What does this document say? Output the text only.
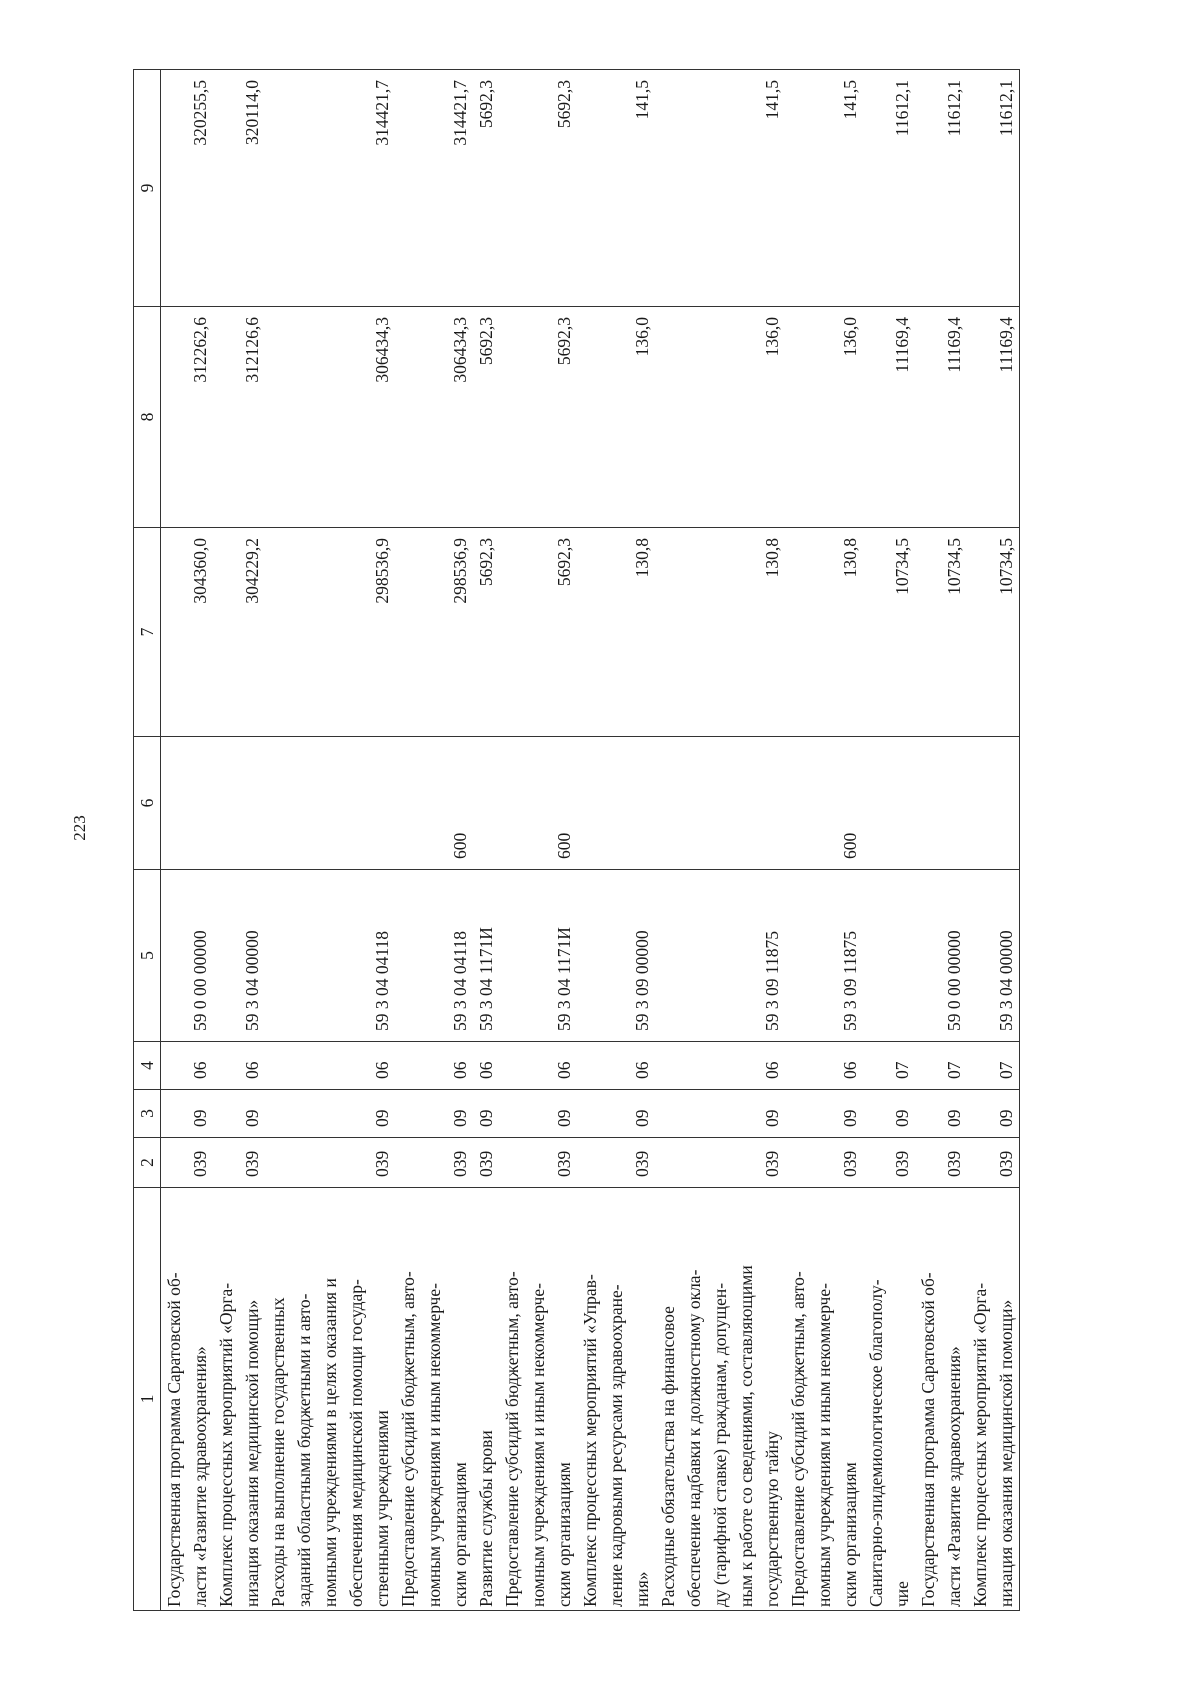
223
1	2	3	4	5	6	7	8	9

Государственная программа Саратовской об- ласти «Развитие здравоохранения»	039	09	06	59 0 00 00000		304360,0	312262,6	320255,5

Комплекс процессных мероприятий «Орга- низация оказания медицинской помощи»	039	09	06	59 3 04 00000		304229,2	312126,6	320114,0

Расходы на выполнение государственных заданий областными бюджетными и авто- номными учреждениями в целях оказания и обеспечения медицинской помощи государ- ственными учреждениями	039	09	06	59 3 04 04118		298536,9	306434,3	314421,7

Предоставление субсидий бюджетным, авто- номным учреждениям и иным некоммерче- ским организациям	039	09	06	59 3 04 04118	600	298536,9	306434,3	314421,7

Развитие службы крови	039	09	06	59 3 04 1171И		5692,3	5692,3	5692,3

Предоставление субсидий бюджетным, авто- номным учреждениям и иным некоммерче- ским организациям	039	09	06	59 3 04 1171И	600	5692,3	5692,3	5692,3

Комплекс процессных мероприятий «Управ- ление кадровыми ресурсами здравоохране- ния»	039	09	06	59 3 09 00000		130,8	136,0	141,5

Расходные обязательства на финансовое обеспечение надбавки к должностному окла- ду (тарифной ставке) гражданам, допущен- ным к работе со сведениями, составляющими государственную тайну	039	09	06	59 3 09 11875		130,8	136,0	141,5

Предоставление субсидий бюджетным, авто- номным учреждениям и иным некоммерче- ским организациям	039	09	06	59 3 09 11875	600	130,8	136,0	141,5

Санитарно-эпидемиологическое благополу- чие	039	09	07			10734,5	11169,4	11612,1

Государственная программа Саратовской об- ласти «Развитие здравоохранения»	039	09	07	59 0 00 00000		10734,5	11169,4	11612,1

Комплекс процессных мероприятий «Орга- низация оказания медицинской помощи»	039	09	07	59 3 04 00000		10734,5	11169,4	11612,1
